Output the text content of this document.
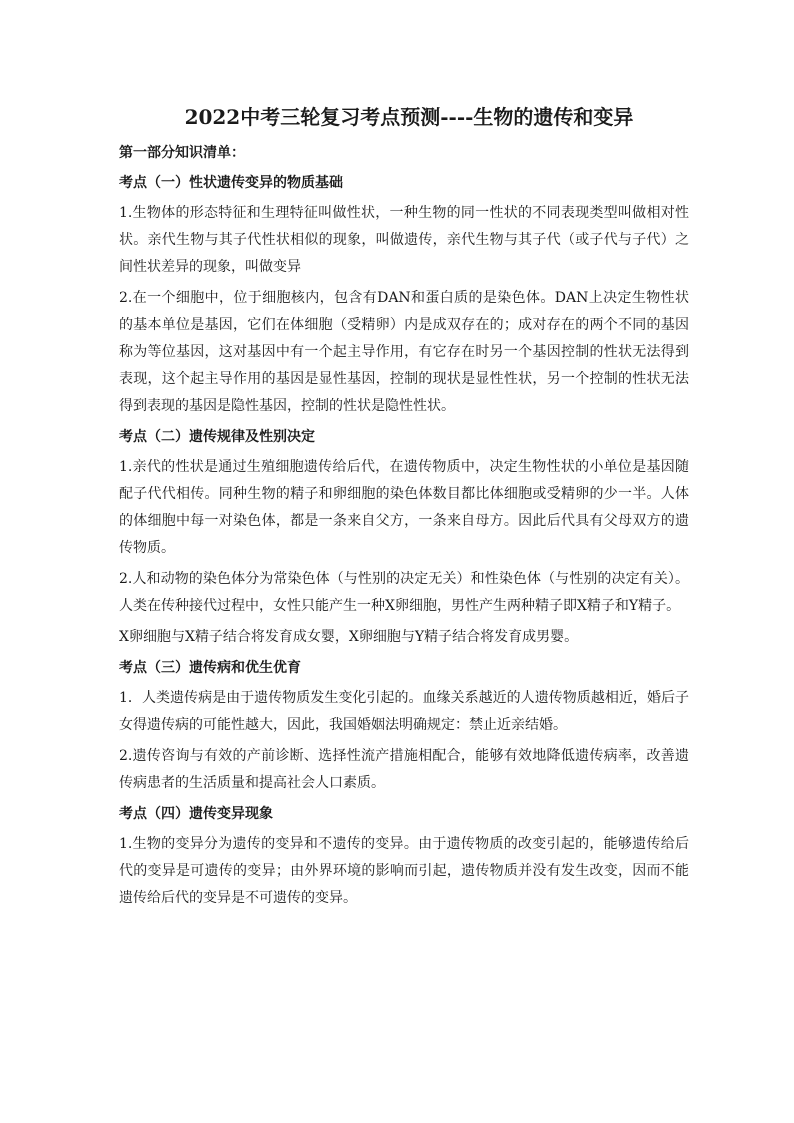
2022中考三轮复习考点预测----生物的遗传和变异
第一部分知识清单：
考点（一）性状遗传变异的物质基础

1.生物体的形态特征和生理特征叫做性状，一种生物的同一性状的不同表现类型叫做相对性状。亲代生物与其子代性状相似的现象，叫做遗传，亲代生物与其子代（或子代与子代）之间性状差异的现象，叫做变异

2.在一个细胞中，位于细胞核内，包含有DAN和蛋白质的是染色体。DAN上决定生物性状的基本单位是基因，它们在体细胞（受精卵）内是成双存在的；成对存在的两个不同的基因称为等位基因，这对基因中有一个起主导作用，有它存在时另一个基因控制的性状无法得到表现，这个起主导作用的基因是显性基因，控制的现状是显性性状，另一个控制的性状无法得到表现的基因是隐性基因，控制的性状是隐性性状。

考点（二）遗传规律及性别决定

1.亲代的性状是通过生殖细胞遗传给后代，在遗传物质中，决定生物性状的小单位是基因随配子代代相传。同种生物的精子和卵细胞的染色体数目都比体细胞或受精卵的少一半。人体的体细胞中每一对染色体，都是一条来自父方，一条来自母方。因此后代具有父母双方的遗传物质。

2.人和动物的染色体分为常染色体（与性别的决定无关）和性染色体（与性别的决定有关）。人类在传种接代过程中，女性只能产生一种X卵细胞，男性产生两种精子即X精子和Y精子。

X卵细胞与X精子结合将发育成女婴，X卵细胞与Y精子结合将发育成男婴。

考点（三）遗传病和优生优育

1．人类遗传病是由于遗传物质发生变化引起的。血缘关系越近的人遗传物质越相近，婚后子女得遗传病的可能性越大，因此，我国婚姻法明确规定：禁止近亲结婚。

2.遗传咨询与有效的产前诊断、选择性流产措施相配合，能够有效地降低遗传病率，改善遗传病患者的生活质量和提高社会人口素质。

考点（四）遗传变异现象

1.生物的变异分为遗传的变异和不遗传的变异。由于遗传物质的改变引起的，能够遗传给后代的变异是可遗传的变异；由外界环境的影响而引起，遗传物质并没有发生改变，因而不能遗传给后代的变异是不可遗传的变异。
